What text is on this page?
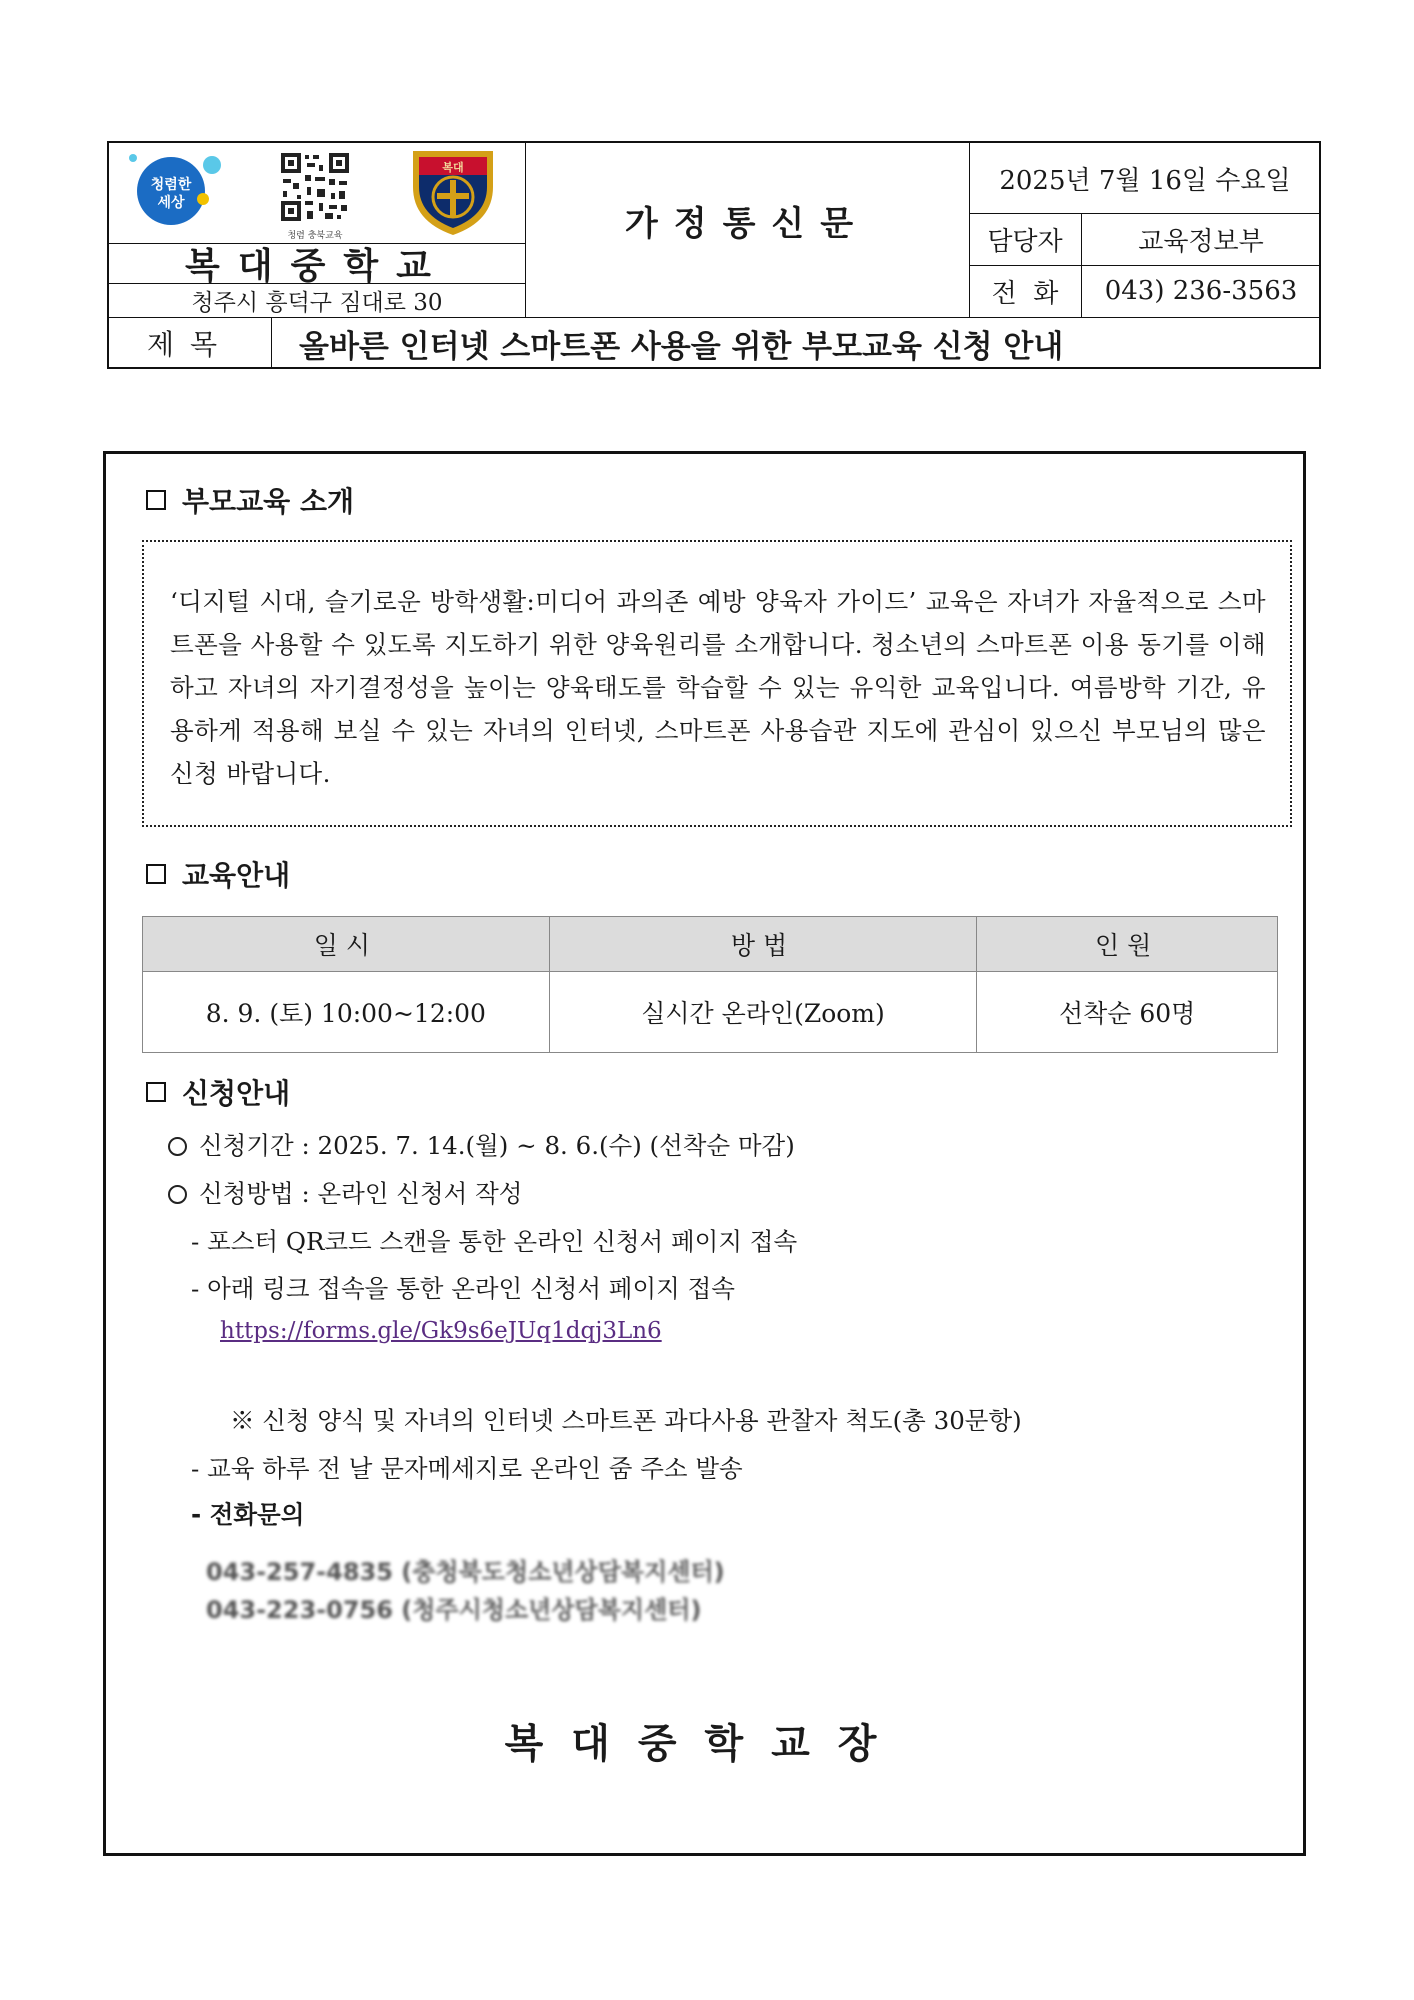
청렴한
세상
청렴 충북교육
복대
복대중학교
청주시 흥덕구 짐대로 30
가정통신문
2025년 7월 16일 수요일
담당자	교육정보부
전  화	043) 236-3563
제목	올바른 인터넷 스마트폰 사용을 위한 부모교육 신청 안내
부모교육 소개

‘디지털 시대, 슬기로운 방학생활:미디어 과의존 예방 양육자 가이드’ 교육은 자녀가 자율적으로 스마트폰을 사용할 수 있도록 지도하기 위한 양육원리를 소개합니다. 청소년의 스마트폰 이용 동기를 이해하고 자녀의 자기결정성을 높이는 양육태도를 학습할 수 있는 유익한 교육입니다. 여름방학 기간, 유용하게 적용해 보실 수 있는 자녀의 인터넷, 스마트폰 사용습관 지도에 관심이 있으신 부모님의 많은 신청 바랍니다.

교육안내
일시	방법	인원
8. 9. (토) 10:00~12:00	실시간 온라인(Zoom)	선착순 60명
신청안내
신청기간 : 2025. 7. 14.(월) ~ 8. 6.(수) (선착순 마감)
신청방법 : 온라인 신청서 작성
- 포스터 QR코드 스캔을 통한 온라인 신청서 페이지 접속
- 아래 링크 접속을 통한 온라인 신청서 페이지 접속
https://forms.gle/Gk9s6eJUq1dqj3Ln6
※ 신청 양식 및 자녀의 인터넷 스마트폰 과다사용 관찰자 척도(총 30문항)
- 교육 하루 전 날 문자메세지로 온라인 줌 주소 발송
- 전화문의
043-257-4835 (충청북도청소년상담복지센터)
043-223-0756 (청주시청소년상담복지센터)
복대중학교장
